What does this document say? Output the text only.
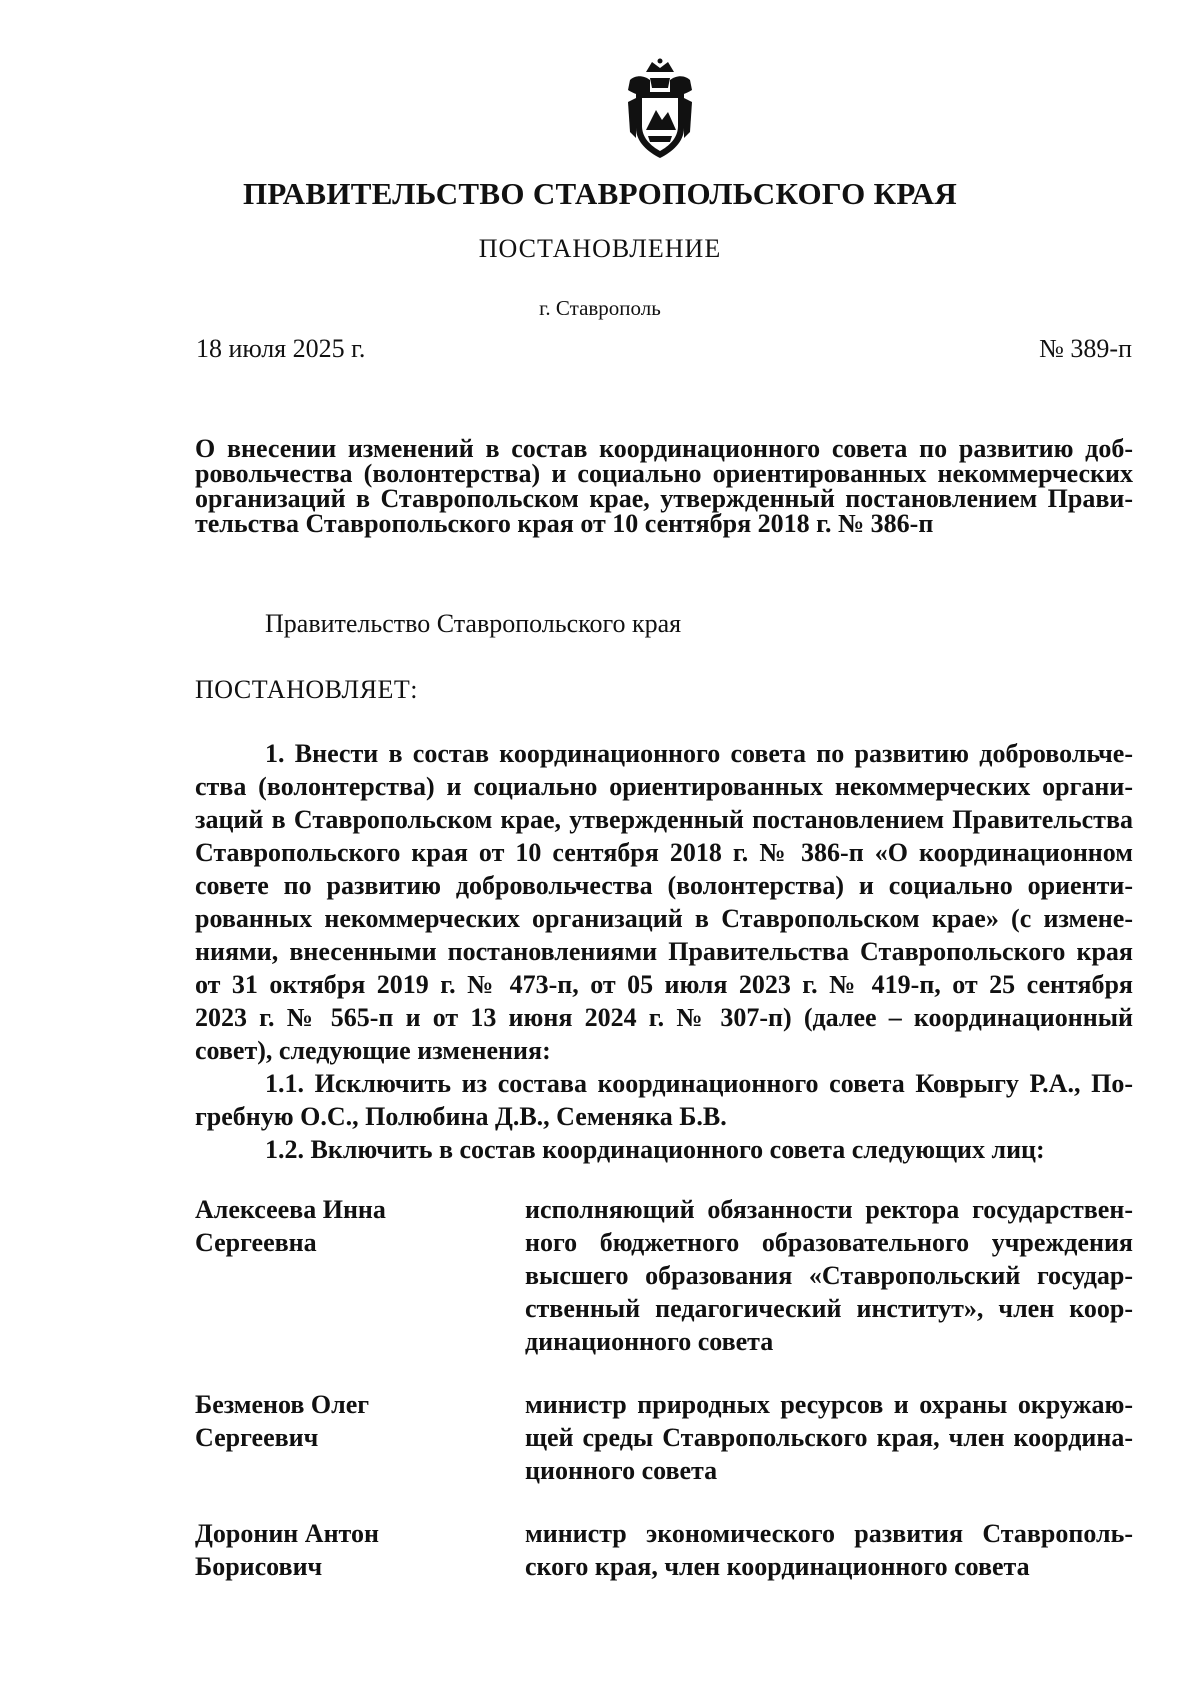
ПРАВИТЕЛЬСТВО СТАВРОПОЛЬСКОГО КРАЯ
ПОСТАНОВЛЕНИЕ
г. Ставрополь
18 июля 2025 г.	№ 389-п
О внесении изменений в состав координационного совета по развитию доб-
ровольчества (волонтерства) и социально ориентированных некоммерческих
организаций в Ставропольском крае, утвержденный постановлением Прави-
тельства Ставропольского края от 10 сентября 2018 г. № 386-п
Правительство Ставропольского края
ПОСТАНОВЛЯЕТ:
1. Внести в состав координационного совета по развитию добровольче-
ства (волонтерства) и социально ориентированных некоммерческих органи-
заций в Ставропольском крае, утвержденный постановлением Правительства
Ставропольского края от 10 сентября 2018 г. № 386-п «О координационном
совете по развитию добровольчества (волонтерства) и социально ориенти-
рованных некоммерческих организаций в Ставропольском крае» (с измене-
ниями, внесенными постановлениями Правительства Ставропольского края
от 31 октября 2019 г. № 473-п, от 05 июля 2023 г. № 419-п, от 25 сентября
2023 г. № 565-п и от 13 июня 2024 г. № 307-п) (далее – координационный
совет), следующие изменения:
1.1. Исключить из состава координационного совета Коврыгу Р.А., По-
гребную О.С., Полюбина Д.В., Семеняка Б.В.
1.2. Включить в состав координационного совета следующих лиц:
Алексеева Инна
Сергеевна
исполняющий обязанности ректора государствен-
ного бюджетного образовательного учреждения
высшего образования «Ставропольский государ-
ственный педагогический институт», член коор-
динационного совета
Безменов Олег
Сергеевич
министр природных ресурсов и охраны окружаю-
щей среды Ставропольского края, член координа-
ционного совета
Доронин Антон
Борисович
министр экономического развития Ставрополь-
ского края, член координационного совета
